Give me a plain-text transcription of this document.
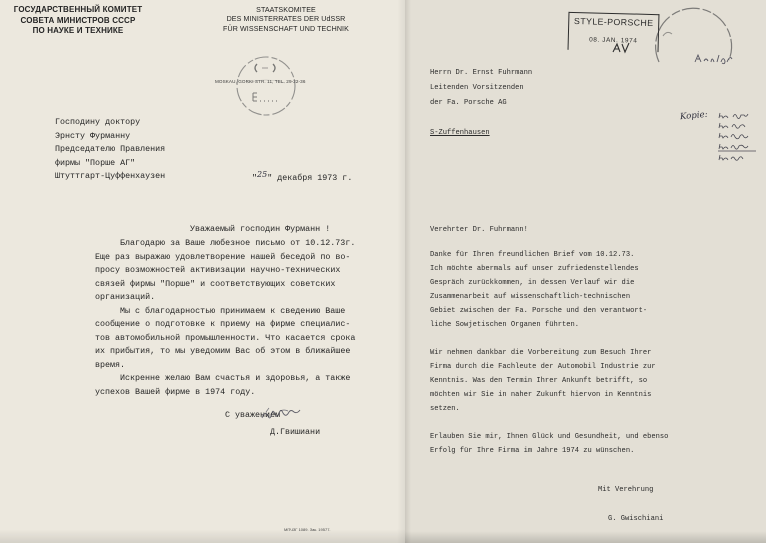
ГОСУДАРСТВЕННЫЙ КОМИТЕТ
СОВЕТА МИНИСТРОВ СССР
ПО НАУКЕ И ТЕХНИКЕ
STAATSKOMITEE
DES MINISTERRATES DER UdSSR
FÜR WISSENSCHAFT UND TECHNIK
MOSKAU, GORKI STR. 11, TEL. 29-22-36
Господину доктору
Эрнсту Фурманну
Председателю Правления
фирмы "Порше АГ"
Штуттгарт-Цуффенхаузен	"25" декабря 1973 г.
Уважаемый господин Фурманн !
Благодарю за Ваше любезное письмо от 10.12.73г.
Еще раз выражаю удовлетворение нашей беседой по во-
просу возможностей активизации научно-технических
связей фирмы "Порше" и соответствующих советских
организаций.
Мы с благодарностью принимаем к сведению Ваше
сообщение о подготовке к приему на фирме специалис-
тов автомобильной промышленности. Что касается срока
их прибытия, то мы уведомим Вас об этом в ближайшее
время.
Искренне желаю Вам счастья и здоровья, а также
успехов Вашей фирме в 1974 году.
С уважением
Д.Гвишиани
МПЧЗГ 1089. Зак. 19577.
STYLE-PORSCHE
08. JAN. 1974
Kopie:
Herrn Dr. Ernst Fuhrmann
Leitenden Vorsitzenden
der Fa. Porsche AG
S-Zuffenhausen
Verehrter Dr. Fuhrmann!
Danke für Ihren freundlichen Brief vom 10.12.73.
Ich möchte abermals auf unser zufriedenstellendes
Gespräch zurückkommen, in dessen Verlauf wir die
Zusammenarbeit auf wissenschaftlich-technischen
Gebiet zwischen der Fa. Porsche und den verantwort-
liche Sowjetischen Organen führten.
Wir nehmen dankbar die Vorbereitung zum Besuch Ihrer
Firma durch die Fachleute der Automobil Industrie zur
Kenntnis. Was den Termin Ihrer Ankunft betrifft, so
möchten wir Sie in naher Zukunft hiervon in Kenntnis
setzen.
Erlauben Sie mir, Ihnen Glück und Gesundheit, und ebenso
Erfolg für Ihre Firma im Jahre 1974 zu wünschen.
Mit Verehrung
G. Gwischiani
